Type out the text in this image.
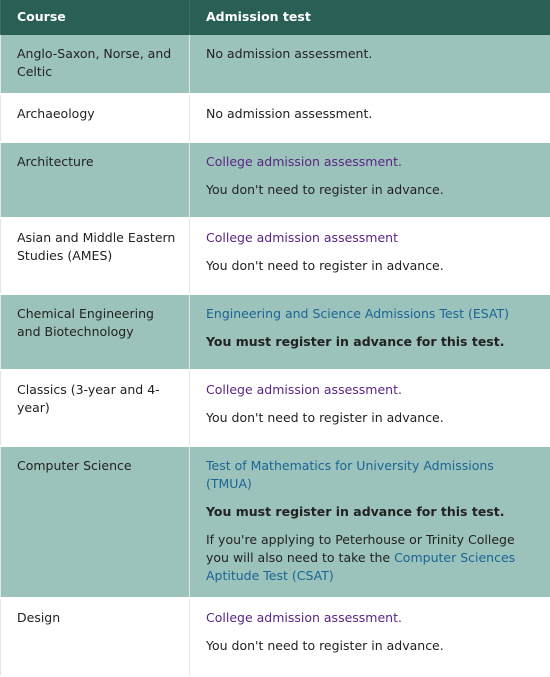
Course	Admission test
Anglo-Saxon, Norse, and Celtic	No admission assessment.

Archaeology	No admission assessment.

Architecture	College admission assessment.

You don't need to register in advance.

Asian and Middle Eastern Studies (AMES)	College admission assessment

You don't need to register in advance.

Chemical Engineering and Biotechnology	Engineering and Science Admissions Test (ESAT)

You must register in advance for this test.

Classics (3-year and 4-year)	College admission assessment.

You don't need to register in advance.

Computer Science	Test of Mathematics for University Admissions (TMUA)

You must register in advance for this test.

If you're applying to Peterhouse or Trinity College you will also need to take the Computer Sciences Aptitude Test (CSAT)

Design	College admission assessment.

You don't need to register in advance.
